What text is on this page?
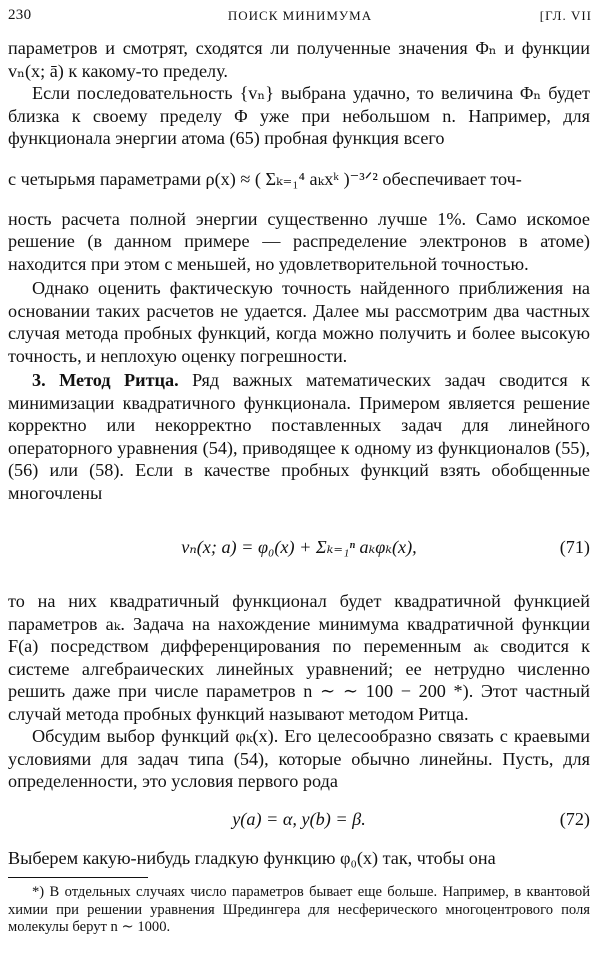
230	ПОИСК МИНИМУМА	[ГЛ. VII

параметров и смотрят, сходятся ли полученные значения Φₙ и функции vₙ(x; ā) к какому-то пределу.

Если последовательность {vₙ} выбрана удачно, то величина Φₙ будет близка к своему пределу Φ уже при небольшом n. Например, для функционала энергии атома (65) пробная функция всего

с четырьмя параметрами ρ(x) ≈ ( Σₖ₌₁⁴ aₖxᵏ )⁻³ᐟ² обеспечивает точ-

ность расчета полной энергии существенно лучше 1%. Само искомое решение (в данном примере — распределение электронов в атоме) находится при этом с меньшей, но удовлетворительной точностью.

Однако оценить фактическую точность найденного приближения на основании таких расчетов не удается. Далее мы рассмотрим два частных случая метода пробных функций, когда можно получить и более высокую точность, и неплохую оценку погрешности.

3. Метод Ритца. Ряд важных математических задач сводится к минимизации квадратичного функционала. Примером является решение корректно или некорректно поставленных задач для линейного операторного уравнения (54), приводящее к одному из функционалов (55), (56) или (58). Если в качестве пробных функций взять обобщенные многочлены

vₙ(x; a) = φ₀(x) + Σₖ₌₁ⁿ aₖφₖ(x),	(71)

то на них квадратичный функционал будет квадратичной функцией параметров aₖ. Задача на нахождение минимума квадратичной функции F(a) посредством дифференцирования по переменным aₖ сводится к системе алгебраических линейных уравнений; ее нетрудно численно решить даже при числе параметров n ∼ ∼ 100 − 200 *). Этот частный случай метода пробных функций называют методом Ритца.

Обсудим выбор функций φₖ(x). Его целесообразно связать с краевыми условиями для задач типа (54), которые обычно линейны. Пусть, для определенности, это условия первого рода

y(a) = α, y(b) = β.	(72)

Выберем какую-нибудь гладкую функцию φ₀(x) так, чтобы она

*) В отдельных случаях число параметров бывает еще больше. Например, в квантовой химии при решении уравнения Шредингера для несферического многоцентрового поля молекулы берут n ∼ 1000.
